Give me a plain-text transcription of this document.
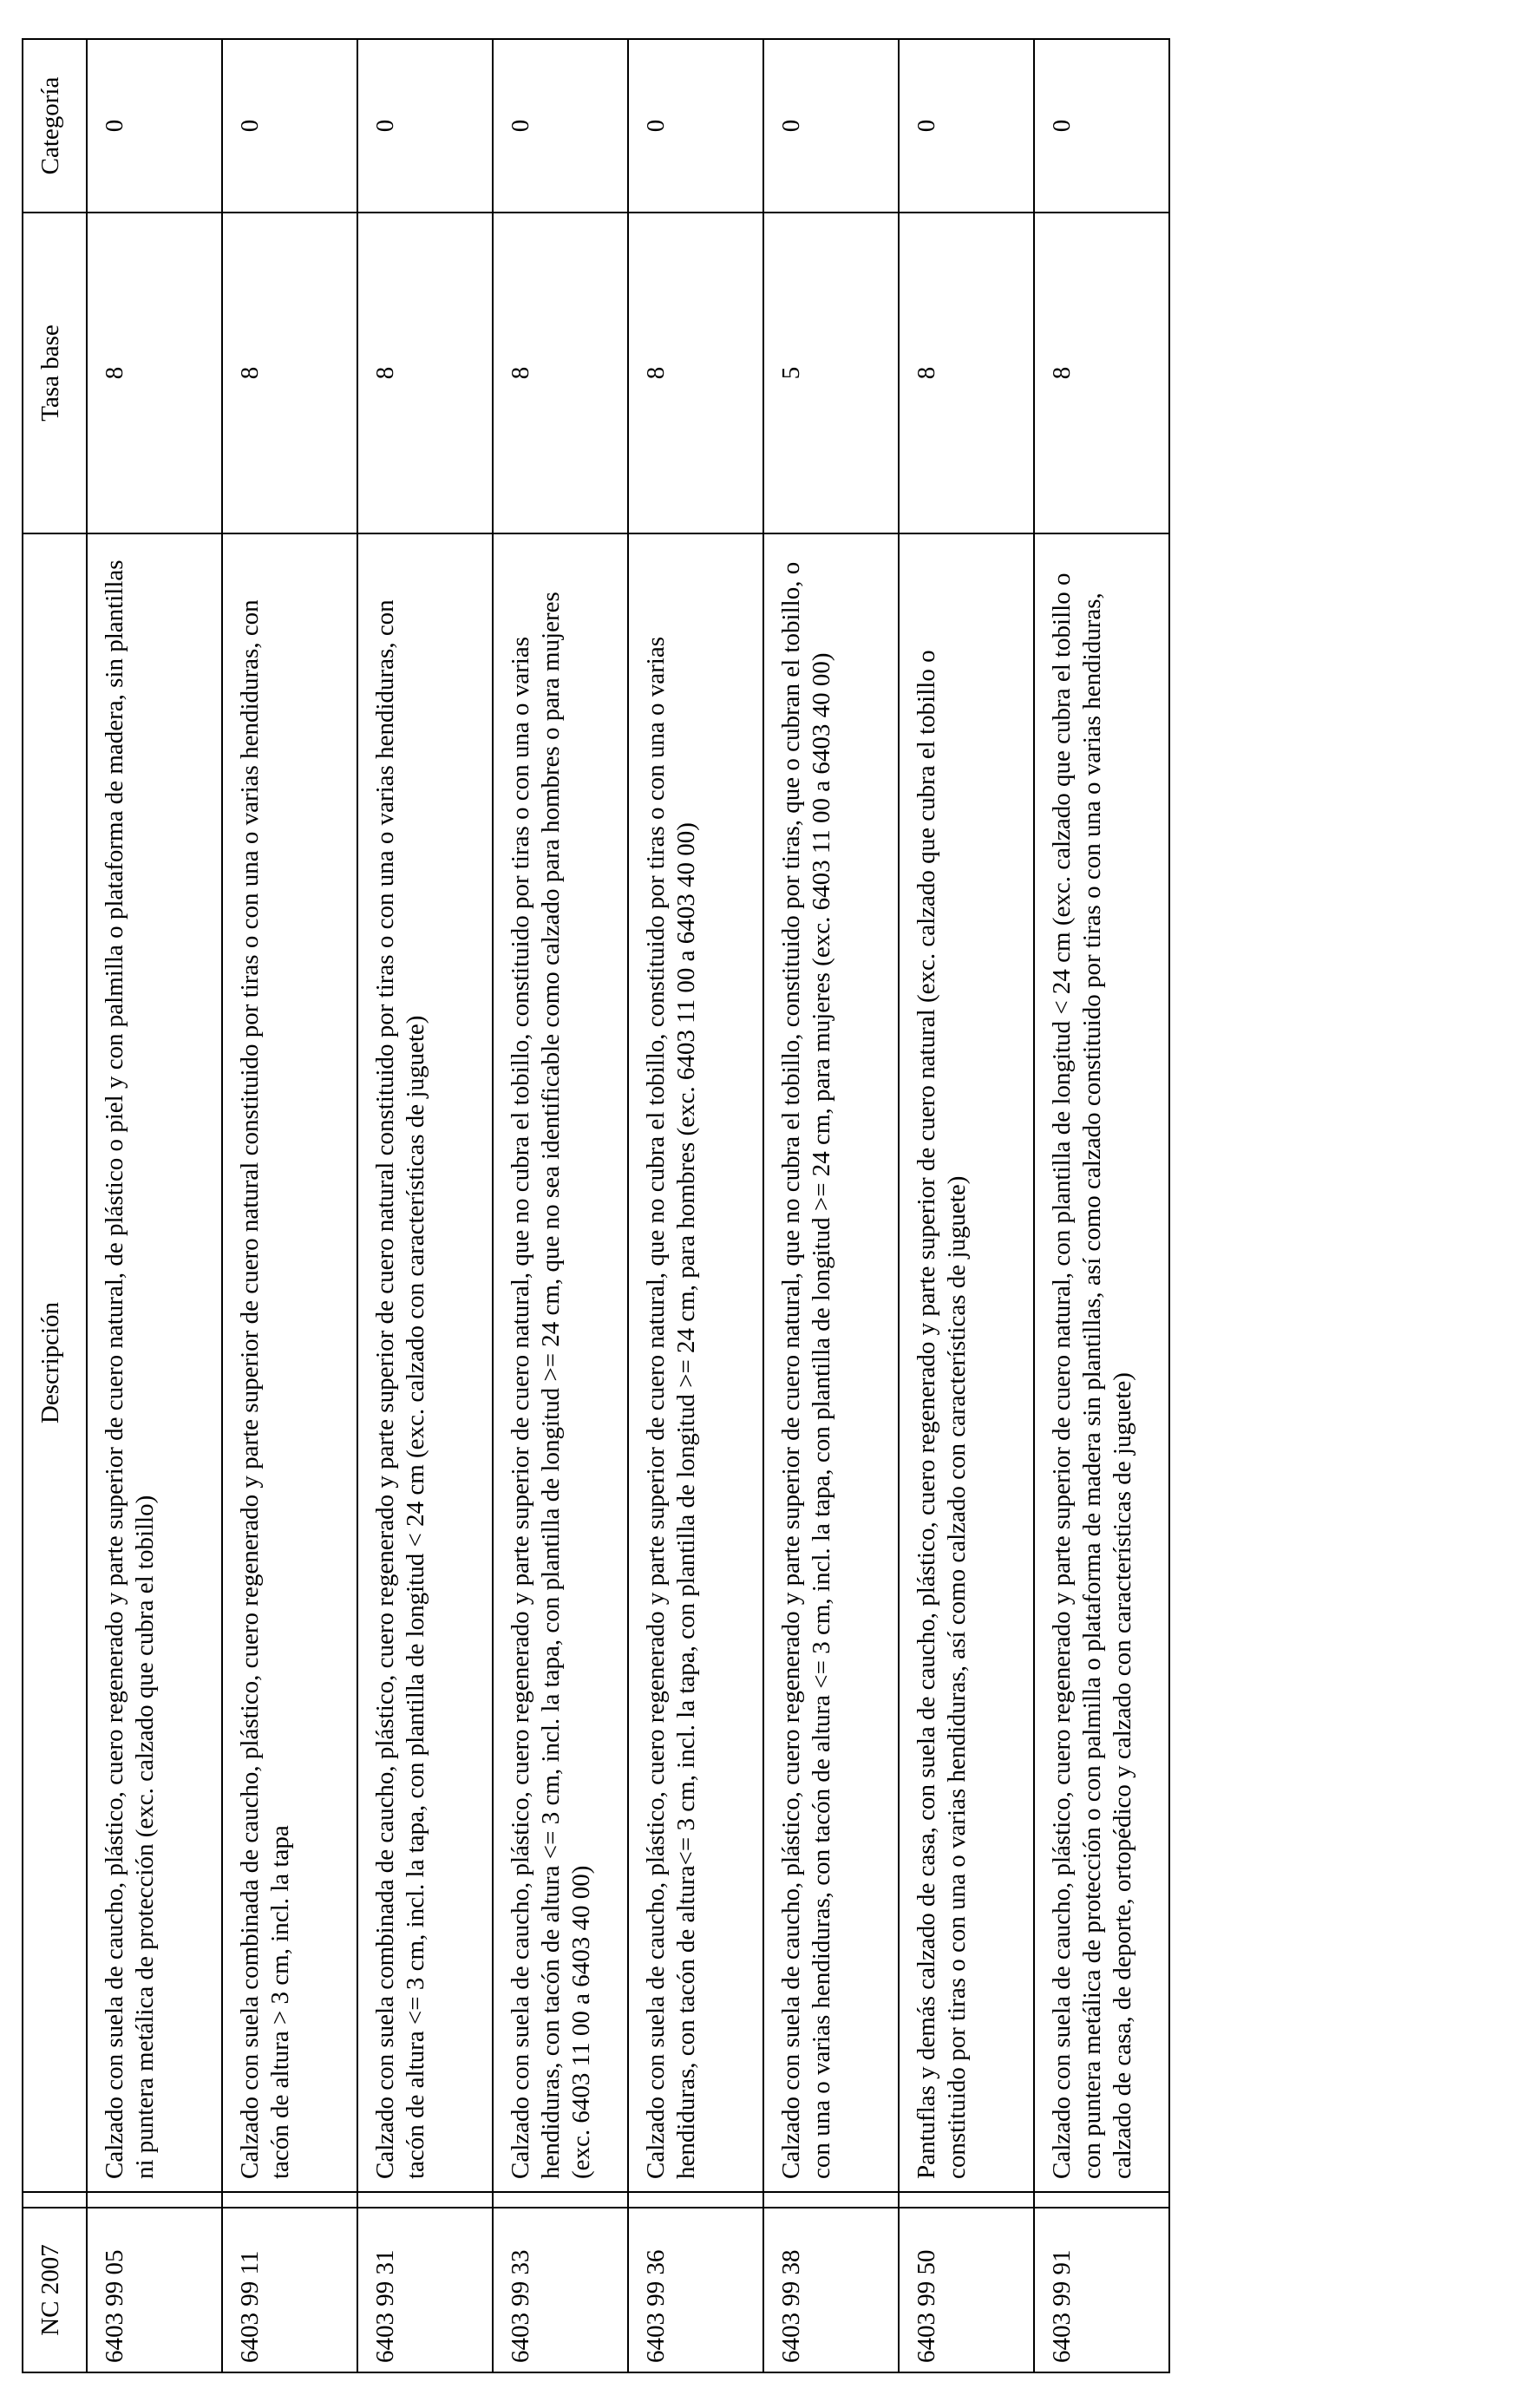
NC 2007		Descripción	Tasa base	Categoría
6403 99 05		Calzado con suela de caucho, plástico, cuero regenerado y parte superior de cuero natural, de plástico o piel y con palmilla o plataforma de madera, sin plantillas ni puntera metálica de protección (exc. calzado que cubra el tobillo)	8	0
6403 99 11		Calzado con suela combinada de caucho, plástico, cuero regenerado y parte superior de cuero natural constituido por tiras o con una o varias hendiduras, con tacón de altura > 3 cm, incl. la tapa	8	0
6403 99 31		Calzado con suela combinada de caucho, plástico, cuero regenerado y parte superior de cuero natural constituido por tiras o con una o varias hendiduras, con tacón de altura <= 3 cm, incl. la tapa, con plantilla de longitud < 24 cm (exc. calzado con características de juguete)	8	0
6403 99 33		Calzado con suela de caucho, plástico, cuero regenerado y parte superior de cuero natural, que no cubra el tobillo, constituido por tiras o con una o varias hendiduras, con tacón de altura <= 3 cm, incl. la tapa, con plantilla de longitud >= 24 cm, que no sea identificable como calzado para hombres o para mujeres (exc. 6403 11 00 a 6403 40 00)	8	0
6403 99 36		Calzado con suela de caucho, plástico, cuero regenerado y parte superior de cuero natural, que no cubra el tobillo, constituido por tiras o con una o varias hendiduras, con tacón de altura<= 3 cm, incl. la tapa, con plantilla de longitud >= 24 cm, para hombres (exc. 6403 11 00 a 6403 40 00)	8	0
6403 99 38		Calzado con suela de caucho, plástico, cuero regenerado y parte superior de cuero natural, que no cubra el tobillo, constituido por tiras, que o cubran el tobillo, o con una o varias hendiduras, con tacón de altura <= 3 cm, incl. la tapa, con plantilla de longitud >= 24 cm, para mujeres (exc. 6403 11 00 a 6403 40 00)	5	0
6403 99 50		Pantuflas y demás calzado de casa, con suela de caucho, plástico, cuero regenerado y parte superior de cuero natural (exc. calzado que cubra el tobillo o constituido por tiras o con una o varias hendiduras, así como calzado con características de juguete)	8	0
6403 99 91		Calzado con suela de caucho, plástico, cuero regenerado y parte superior de cuero natural, con plantilla de longitud < 24 cm (exc. calzado que cubra el tobillo o con puntera metálica de protección o con palmilla o plataforma de madera sin plantillas, así como calzado constituido por tiras o con una o varias hendiduras, calzado de casa, de deporte, ortopédico y calzado con características de juguete)	8	0
